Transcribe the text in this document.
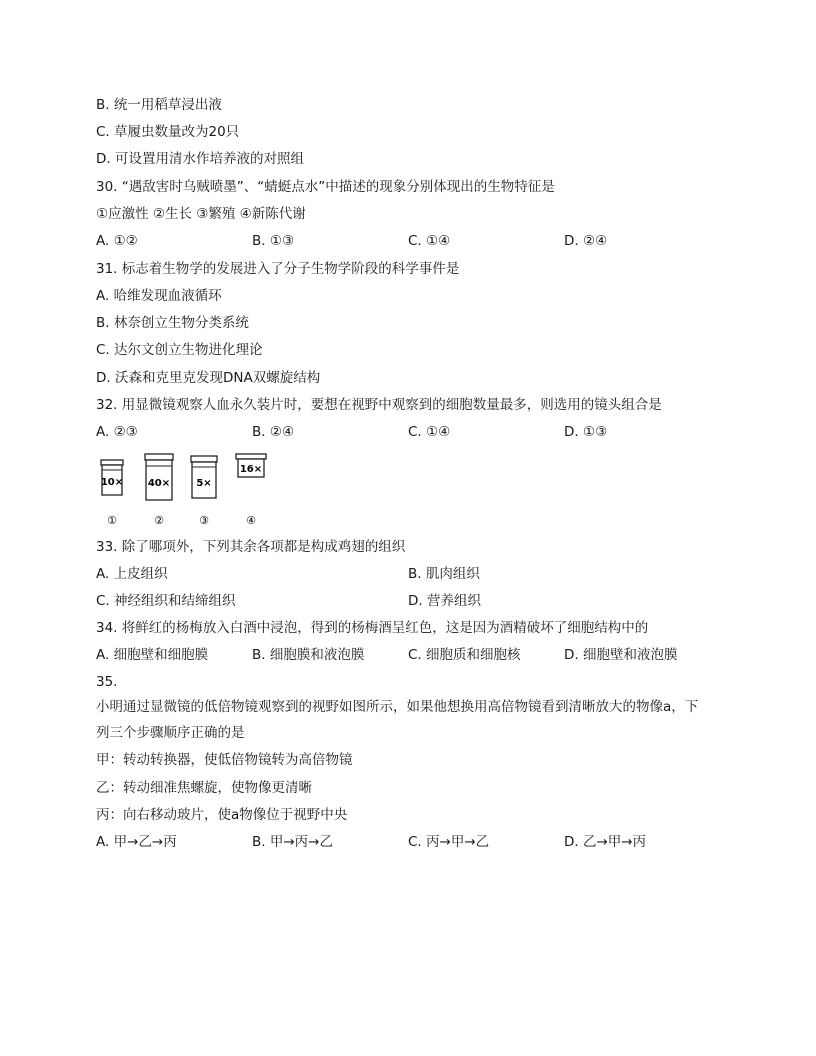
B. 统一用稻草浸出液
C. 草履虫数量改为20只
D. 可设置用清水作培养液的对照组
30. “遇敌害时乌贼喷墨”、“蜻蜓点水”中描述的现象分别体现出的生物特征是
①应激性 ②生长 ③繁殖 ④新陈代谢
A. ①②	B. ①③	C. ①④	D. ②④
31. 标志着生物学的发展进入了分子生物学阶段的科学事件是
A. 哈维发现血液循环
B. 林奈创立生物分类系统
C. 达尔文创立生物进化理论
D. 沃森和克里克发现DNA双螺旋结构
32. 用显微镜观察人血永久装片时，要想在视野中观察到的细胞数量最多，则选用的镜头组合是
A. ②③	B. ②④	C. ①④	D. ①③
10× 40×	5×
16×
①	②	③	④
33. 除了哪项外，下列其余各项都是构成鸡翅的组织
A. 上皮组织	B. 肌肉组织
C. 神经组织和结缔组织	D. 营养组织
34. 将鲜红的杨梅放入白酒中浸泡，得到的杨梅酒呈红色，这是因为酒精破坏了细胞结构中的
A. 细胞壁和细胞膜	B. 细胞膜和液泡膜	C. 细胞质和细胞核	D. 细胞壁和液泡膜
35.
小明通过显微镜的低倍物镜观察到的视野如图所示，如果他想换用高倍物镜看到清晰放大的物像a，下
列三个步骤顺序正确的是
甲：转动转换器，使低倍物镜转为高倍物镜
乙：转动细准焦螺旋，使物像更清晰
丙：向右移动玻片，使a物像位于视野中央
A. 甲→乙→丙	B. 甲→丙→乙	C. 丙→甲→乙	D. 乙→甲→丙
